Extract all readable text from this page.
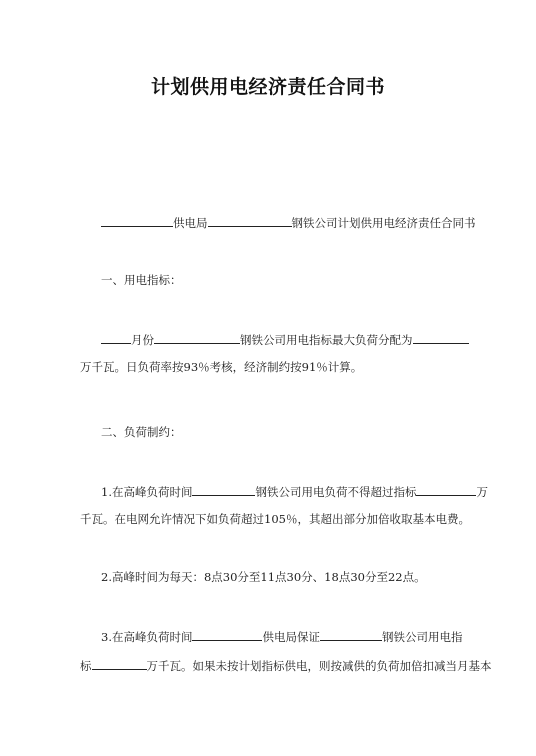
计划供用电经济责任合同书
供电局	钢铁公司计划供用电经济责任合同书
一、用电指标：
月份	钢铁公司用电指标最大负荷分配为
万千瓦。日负荷率按93％考核，经济制约按91％计算。
二、负荷制约：
1.在高峰负荷时间	钢铁公司用电负荷不得超过指标	万
千瓦。在电网允许情况下如负荷超过105％，其超出部分加倍收取基本电费。
2.高峰时间为每天：8点30分至11点30分、18点30分至22点。
3.在高峰负荷时间	供电局保证	钢铁公司用电指
标	万千瓦。如果未按计划指标供电，则按减供的负荷加倍扣减当月基本
